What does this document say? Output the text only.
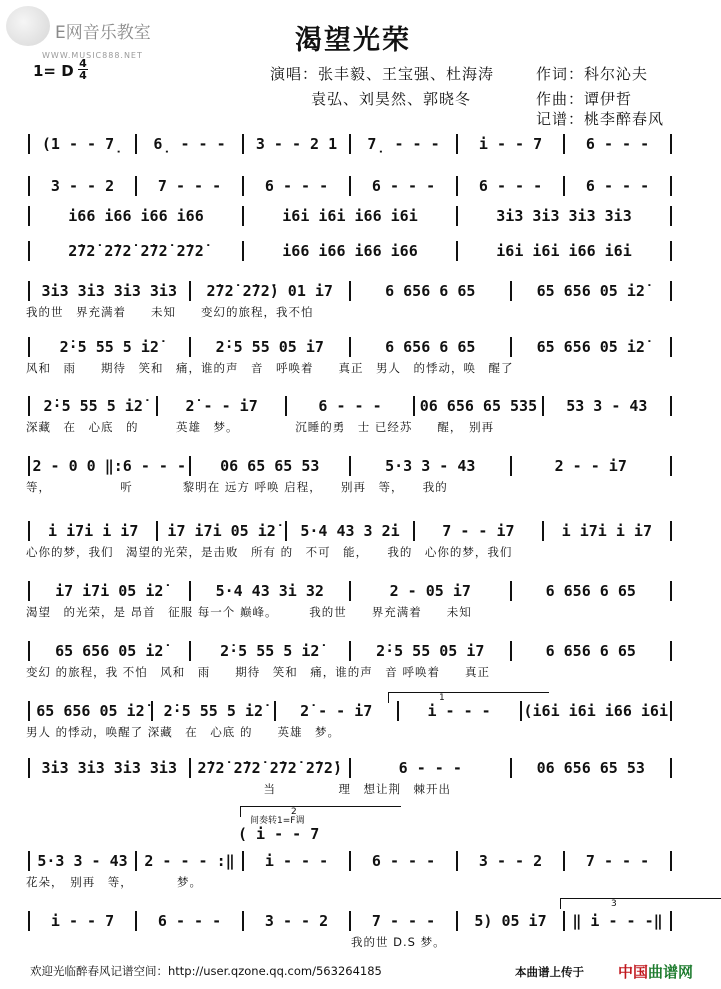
E网音乐教室
WWW.MUSIC888.NET	渴望光荣
1= D 4
4	演唱：张丰毅、王宝强、杜海涛
袁弘、刘昊然、郭晓冬
作词：科尔沁夫
作曲：谭伊哲
记谱：桃李醉春风
(1 - - 7̣	6̣ - - -	3 - - 2 1	7̣ - - -	i - - 7	6 - - -
3 - - 2	7 - - -	6 - - -	6 - - -	6 - - -	6 - - -
i66 i66 i66 i66	i6i i6i i66 i6i	3i3 3i3 3i3 3i3
2̇72̇ 2̇72̇ 2̇72̇ 2̇72̇	i66 i66 i66 i66	i6i i6i i66 i6i
3i3 3i3 3i3 3i3	2̇72̇ 2̇72̇) 01 i7	6 656 6 65	65 656 05 i2̇
我的世　界充满着　　未知　　变幻的旅程，我不怕
2̇·5 55 5 i2̇	2̇·5 55 05 i7	6 656 6 65	65 656 05 i2̇
风和　雨　　期待　笑和　痛，谁的声　音　呼唤着　　真正　男人　的悸动，唤　醒了
2̇·5 55 5 i2̇	2̇ - - i7	6 - - -	06 656 65 535	53 3 - 43
深藏　在　心底　的　　　英雄　梦。　　　　　沉睡的勇　士 已经苏　　醒，　别再
2 - 0 0 ‖:6 - - -	06 65 65 53	5·3 3 - 43	2 - - i7
等，　　　　　　听　　　　黎明在 远方 呼唤 启程，　　别再　等，　　我的
i i7i i i7	i7 i7i 05 i2̇	5·4 43 3 2̇i	7 - - i7	i i7i i i7
心你的梦，我们　渴望的光荣，是击败　所有 的　不可　能，　　我的　心你的梦，我们
i7 i7i 05 i2̇	5·4 43 3i 32	2 - 05 i7	6 656 6 65
渴望　的光荣，是 昂首　征服 每一个 巅峰。　　　我的世　　界充满着　　未知
65 656 05 i2̇	2̇·5 55 5 i2̇	2̇·5 55 05 i7	6 656 6 65
变幻 的旅程，我 不怕　风和　雨　　期待　笑和　痛，谁的声　音 呼唤着　　真正
65 656 05 i2̇	2̇·5 55 5 i2̇	2̇ - - i7	i - - -	(i6i i6i i66 i6i
男人 的悸动，唤醒了 深藏　在　心底 的　　英雄　梦。
3i3 3i3 3i3 3i3	2̇72̇ 2̇72̇ 2̇72̇ 2̇72̇)	6 - - -	06 656 65 53
　　　　　　　　　　　　　　　　　　　当　　　　　理　想让荆　棘开出
5·3 3 - 43	2 - - - :‖	i - - -	6 - - -	3 - - 2	7 - - -
花朵，　别再　等，　　　　梦。
i - - 7	6 - - -	3 - - 2	7 - - -	5) 05 i7	‖ i - - -‖
　　　　　　　　　　　　　　　　　　　　　　　　　　我的世 D.S 梦。
1
2
间奏转1=F调
( i - - 7
3
欢迎光临醉春风记谱空间：http://user.qzone.qq.com/563264185	本曲谱上传于 中国曲谱网
